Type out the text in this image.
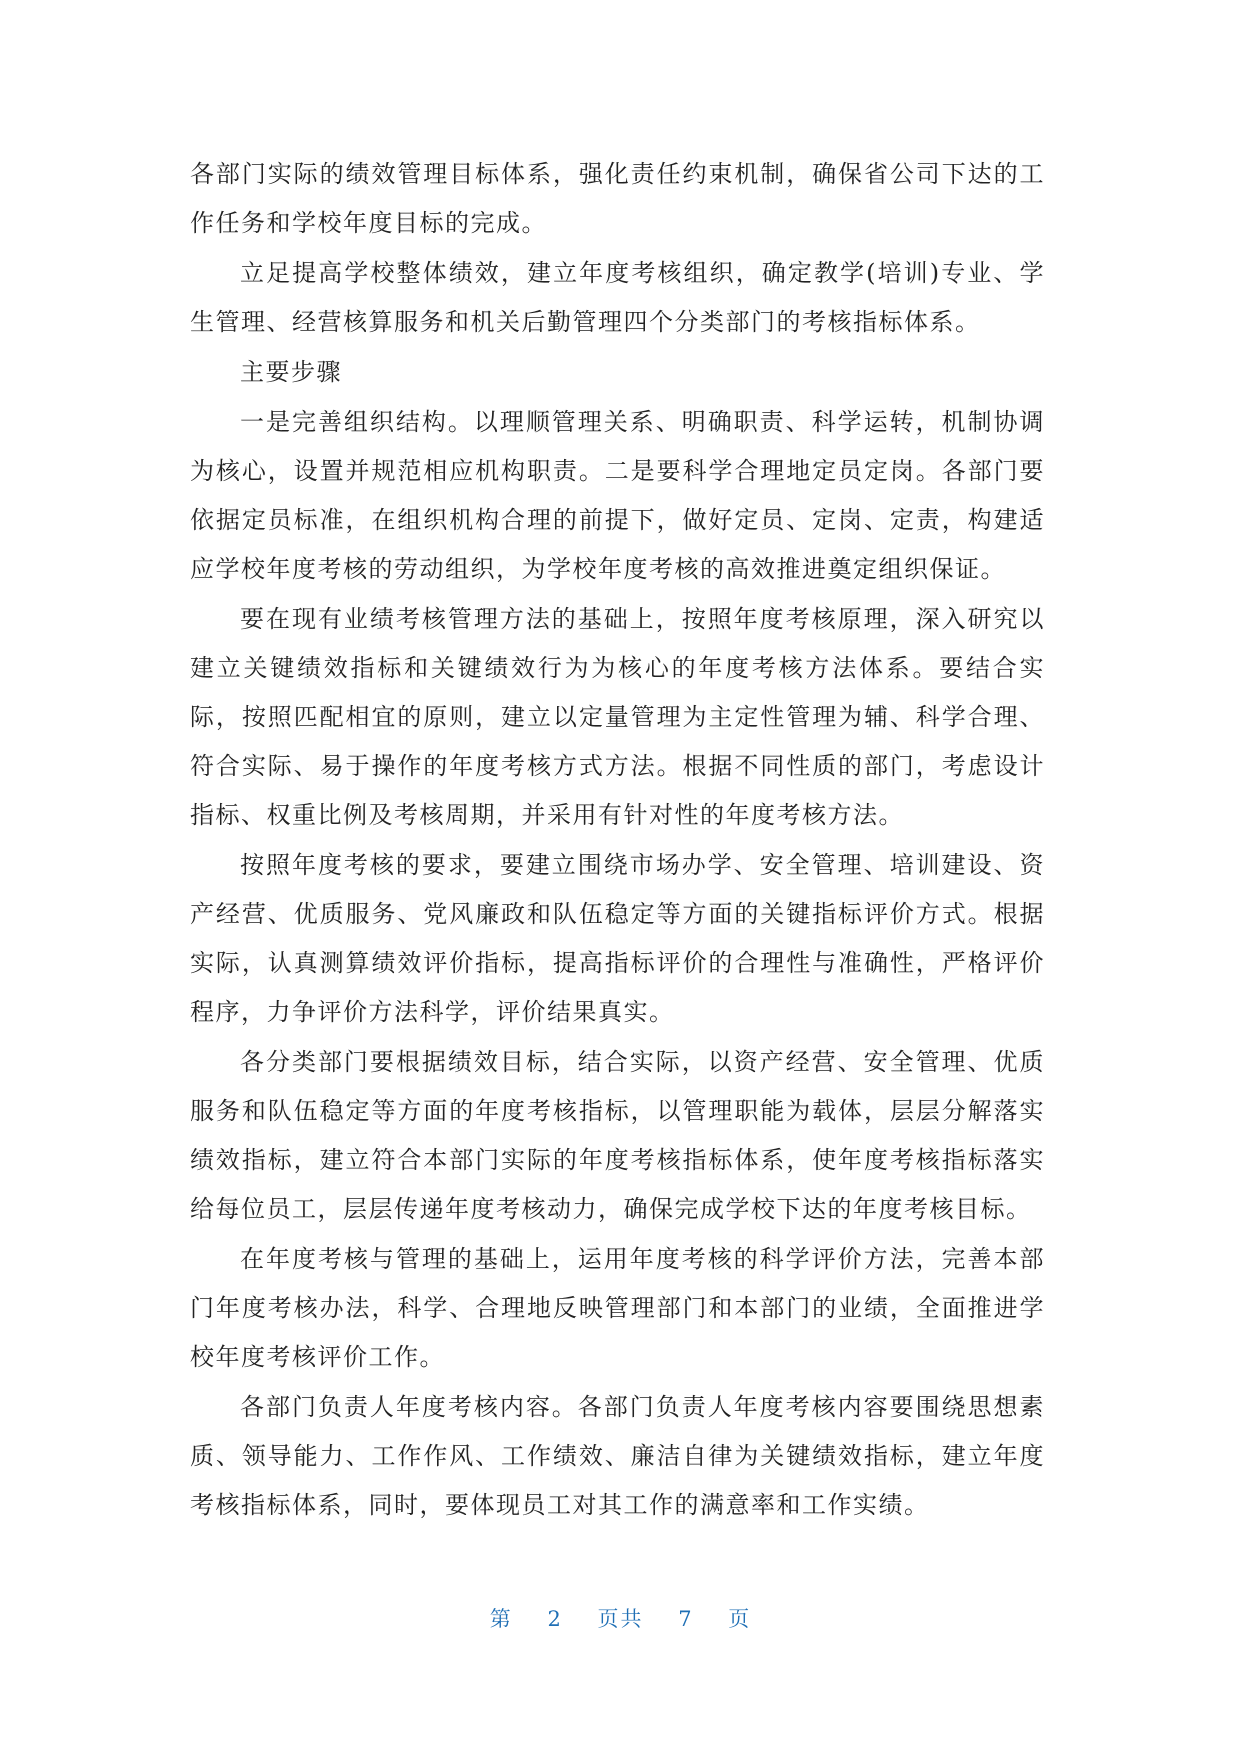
各部门实际的绩效管理目标体系，强化责任约束机制，确保省公司下达的工作任务和学校年度目标的完成。

立足提高学校整体绩效，建立年度考核组织，确定教学(培训)专业、学生管理、经营核算服务和机关后勤管理四个分类部门的考核指标体系。

主要步骤

一是完善组织结构。以理顺管理关系、明确职责、科学运转，机制协调为核心，设置并规范相应机构职责。二是要科学合理地定员定岗。各部门要依据定员标准，在组织机构合理的前提下，做好定员、定岗、定责，构建适应学校年度考核的劳动组织，为学校年度考核的高效推进奠定组织保证。

要在现有业绩考核管理方法的基础上，按照年度考核原理，深入研究以建立关键绩效指标和关键绩效行为为核心的年度考核方法体系。要结合实际，按照匹配相宜的原则，建立以定量管理为主定性管理为辅、科学合理、符合实际、易于操作的年度考核方式方法。根据不同性质的部门，考虑设计指标、权重比例及考核周期，并采用有针对性的年度考核方法。

按照年度考核的要求，要建立围绕市场办学、安全管理、培训建设、资产经营、优质服务、党风廉政和队伍稳定等方面的关键指标评价方式。根据实际，认真测算绩效评价指标，提高指标评价的合理性与准确性，严格评价程序，力争评价方法科学，评价结果真实。

各分类部门要根据绩效目标，结合实际，以资产经营、安全管理、优质服务和队伍稳定等方面的年度考核指标，以管理职能为载体，层层分解落实绩效指标，建立符合本部门实际的年度考核指标体系，使年度考核指标落实给每位员工，层层传递年度考核动力，确保完成学校下达的年度考核目标。

在年度考核与管理的基础上，运用年度考核的科学评价方法，完善本部门年度考核办法，科学、合理地反映管理部门和本部门的业绩，全面推进学校年度考核评价工作。

各部门负责人年度考核内容。各部门负责人年度考核内容要围绕思想素质、领导能力、工作作风、工作绩效、廉洁自律为关键绩效指标，建立年度考核指标体系，同时，要体现员工对其工作的满意率和工作实绩。

第 2 页共 7 页
